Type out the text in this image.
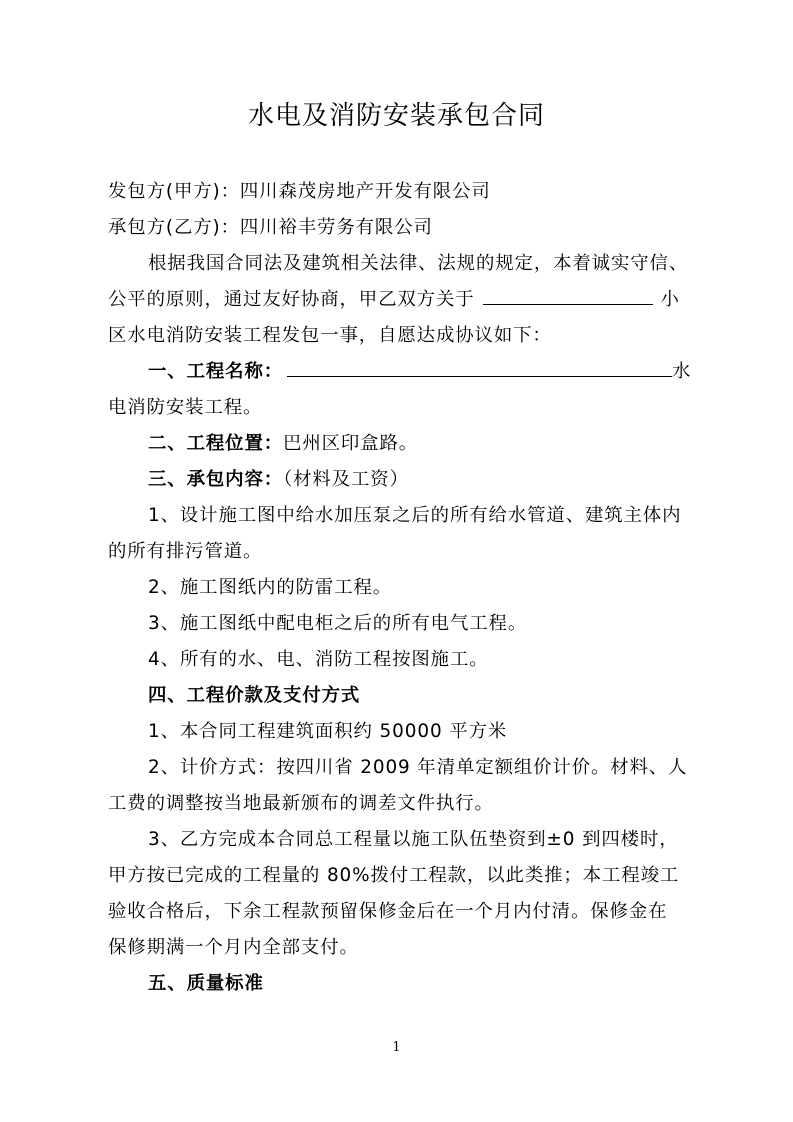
水电及消防安装承包合同
发包方(甲方)：四川森茂房地产开发有限公司
承包方(乙方)：四川裕丰劳务有限公司
根据我国合同法及建筑相关法律、法规的规定，本着诚实守信、
公平的原则，通过友好协商，甲乙双方关于	小
区水电消防安装工程发包一事，自愿达成协议如下：
一、工程名称：	水
电消防安装工程。
二、工程位置：巴州区印盒路。
三、承包内容：（材料及工资）
1、设计施工图中给水加压泵之后的所有给水管道、建筑主体内
的所有排污管道。
2、施工图纸内的防雷工程。
3、施工图纸中配电柜之后的所有电气工程。
4、所有的水、电、消防工程按图施工。
四、工程价款及支付方式
1、本合同工程建筑面积约 50000 平方米
2、计价方式：按四川省 2009 年清单定额组价计价。材料、人
工费的调整按当地最新颁布的调差文件执行。
3、乙方完成本合同总工程量以施工队伍垫资到±0 到四楼时，
甲方按已完成的工程量的 80%拨付工程款，以此类推；本工程竣工
验收合格后，下余工程款预留保修金后在一个月内付清。保修金在
保修期满一个月内全部支付。
五、质量标准
1
